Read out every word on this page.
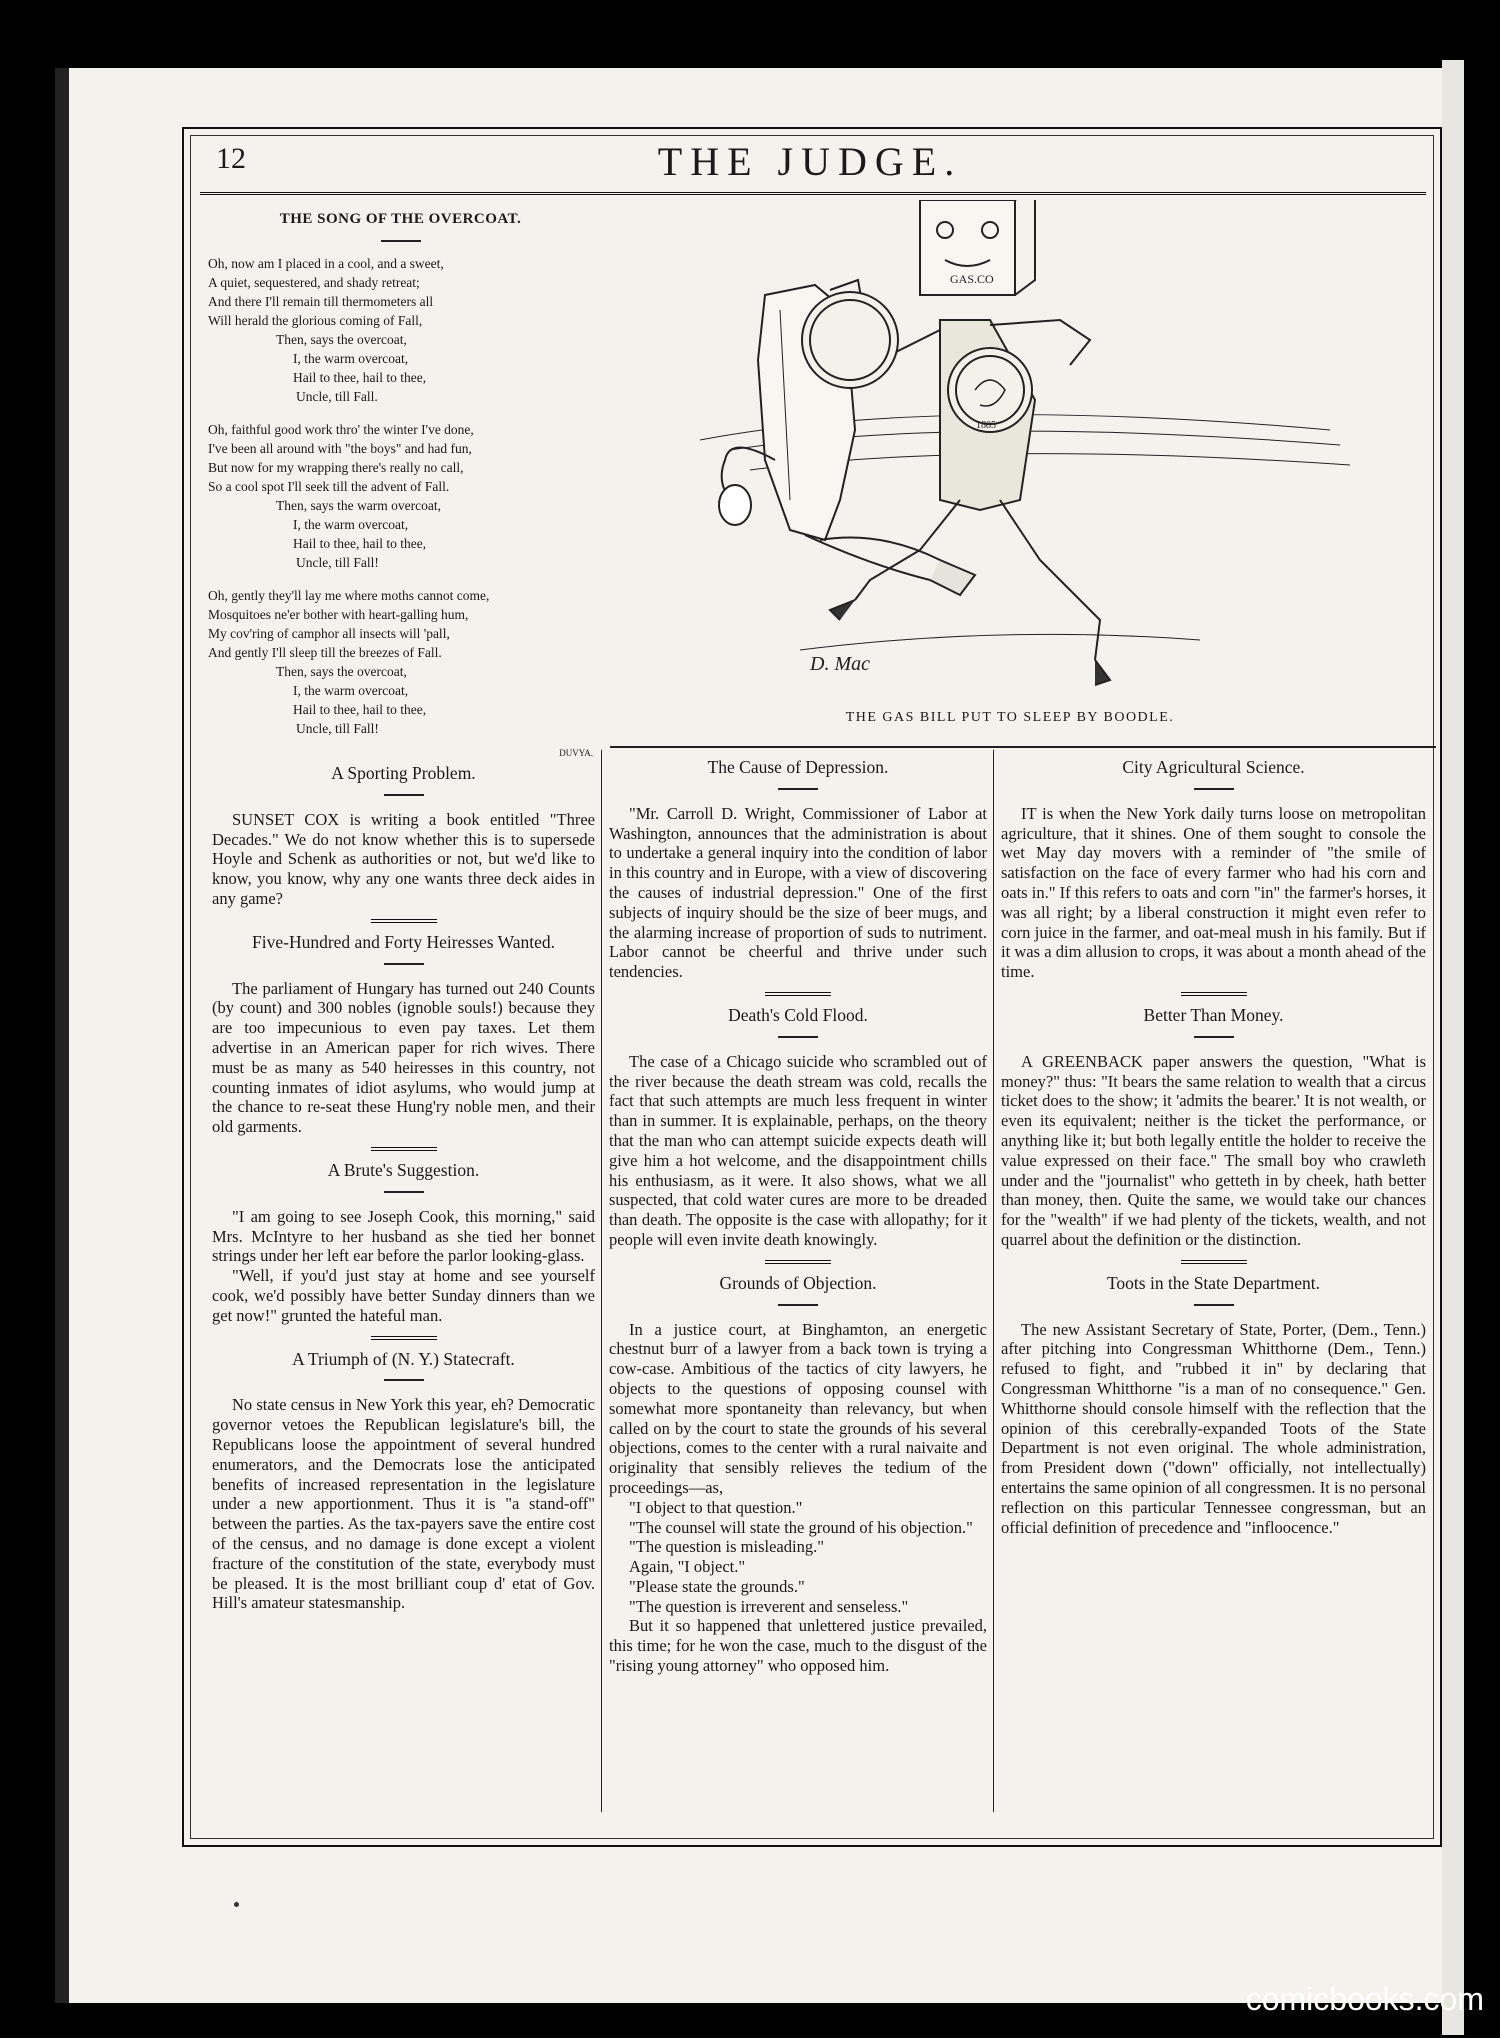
12	THE JUDGE.
THE SONG OF THE OVERCOAT.

Oh, now am I placed in a cool, and a sweet,

A quiet, sequestered, and shady retreat;

And there I'll remain till thermometers all

Will herald the glorious coming of Fall,

Then, says the overcoat,

I, the warm overcoat,

Hail to thee, hail to thee,

Uncle, till Fall.

Oh, faithful good work thro' the winter I've done,

I've been all around with "the boys" and had fun,

But now for my wrapping there's really no call,

So a cool spot I'll seek till the advent of Fall.

Then, says the warm overcoat,

I, the warm overcoat,

Hail to thee, hail to thee,

Uncle, till Fall!

Oh, gently they'll lay me where moths cannot come,

Mosquitoes ne'er bother with heart-galling hum,

My cov'ring of camphor all insects will 'pall,

And gently I'll sleep till the breezes of Fall.

Then, says the overcoat,

I, the warm overcoat,

Hail to thee, hail to thee,

Uncle, till Fall!

DUVYA.
GAS.CO
1885
D. Mac
THE GAS BILL PUT TO SLEEP BY BOODLE.
A Sporting Problem.

SUNSET COX is writing a book entitled "Three Decades." We do not know whether this is to supersede Hoyle and Schenk as authorities or not, but we'd like to know, you know, why any one wants three deck aides in any game?

Five-Hundred and Forty Heiresses Wanted.

The parliament of Hungary has turned out 240 Counts (by count) and 300 nobles (ignoble souls!) because they are too impecunious to even pay taxes. Let them advertise in an American paper for rich wives. There must be as many as 540 heiresses in this country, not counting inmates of idiot asylums, who would jump at the chance to re-seat these Hung'ry noble men, and their old garments.

A Brute's Suggestion.

"I am going to see Joseph Cook, this morning," said Mrs. McIntyre to her husband as she tied her bonnet strings under her left ear before the parlor looking-glass.

"Well, if you'd just stay at home and see yourself cook, we'd possibly have better Sunday dinners than we get now!" grunted the hateful man.

A Triumph of (N. Y.) Statecraft.

No state census in New York this year, eh? Democratic governor vetoes the Republican legislature's bill, the Republicans loose the appointment of several hundred enumerators, and the Democrats lose the anticipated benefits of increased representation in the legislature under a new apportionment. Thus it is "a stand-off" between the parties. As the tax-payers save the entire cost of the census, and no damage is done except a violent fracture of the constitution of the state, everybody must be pleased. It is the most brilliant coup d' etat of Gov. Hill's amateur statesmanship.

The Cause of Depression.

"Mr. Carroll D. Wright, Commissioner of Labor at Washington, announces that the administration is about to undertake a general inquiry into the condition of labor in this country and in Europe, with a view of discovering the causes of industrial depression." One of the first subjects of inquiry should be the size of beer mugs, and the alarming increase of proportion of suds to nutriment. Labor cannot be cheerful and thrive under such tendencies.

Death's Cold Flood.

The case of a Chicago suicide who scrambled out of the river because the death stream was cold, recalls the fact that such attempts are much less frequent in winter than in summer. It is explainable, perhaps, on the theory that the man who can attempt suicide expects death will give him a hot welcome, and the disappointment chills his enthusiasm, as it were. It also shows, what we all suspected, that cold water cures are more to be dreaded than death. The opposite is the case with allopathy; for it people will even invite death knowingly.

Grounds of Objection.

In a justice court, at Binghamton, an energetic chestnut burr of a lawyer from a back town is trying a cow-case. Ambitious of the tactics of city lawyers, he objects to the questions of opposing counsel with somewhat more spontaneity than relevancy, but when called on by the court to state the grounds of his several objections, comes to the center with a rural naivaite and originality that sensibly relieves the tedium of the proceedings—as,

"I object to that question."

"The counsel will state the ground of his objection."

"The question is misleading."

Again, "I object."

"Please state the grounds."

"The question is irreverent and senseless."

But it so happened that unlettered justice prevailed, this time; for he won the case, much to the disgust of the "rising young attorney" who opposed him.

City Agricultural Science.

IT is when the New York daily turns loose on metropolitan agriculture, that it shines. One of them sought to console the wet May day movers with a reminder of "the smile of satisfaction on the face of every farmer who had his corn and oats in." If this refers to oats and corn "in" the farmer's horses, it was all right; by a liberal construction it might even refer to corn juice in the farmer, and oat-meal mush in his family. But if it was a dim allusion to crops, it was about a month ahead of the time.

Better Than Money.

A GREENBACK paper answers the question, "What is money?" thus: "It bears the same relation to wealth that a circus ticket does to the show; it 'admits the bearer.' It is not wealth, or even its equivalent; neither is the ticket the performance, or anything like it; but both legally entitle the holder to receive the value expressed on their face." The small boy who crawleth under and the "journalist" who getteth in by cheek, hath better than money, then. Quite the same, we would take our chances for the "wealth" if we had plenty of the tickets, wealth, and not quarrel about the definition or the distinction.

Toots in the State Department.

The new Assistant Secretary of State, Porter, (Dem., Tenn.) after pitching into Congressman Whitthorne (Dem., Tenn.) refused to fight, and "rubbed it in" by declaring that Congressman Whitthorne "is a man of no consequence." Gen. Whitthorne should console himself with the reflection that the opinion of this cerebrally-expanded Toots of the State Department is not even original. The whole administration, from President down ("down" officially, not intellectually) entertains the same opinion of all congressmen. It is no personal reflection on this particular Tennessee congressman, but an official definition of precedence and "infloocence."

comicbooks.com
